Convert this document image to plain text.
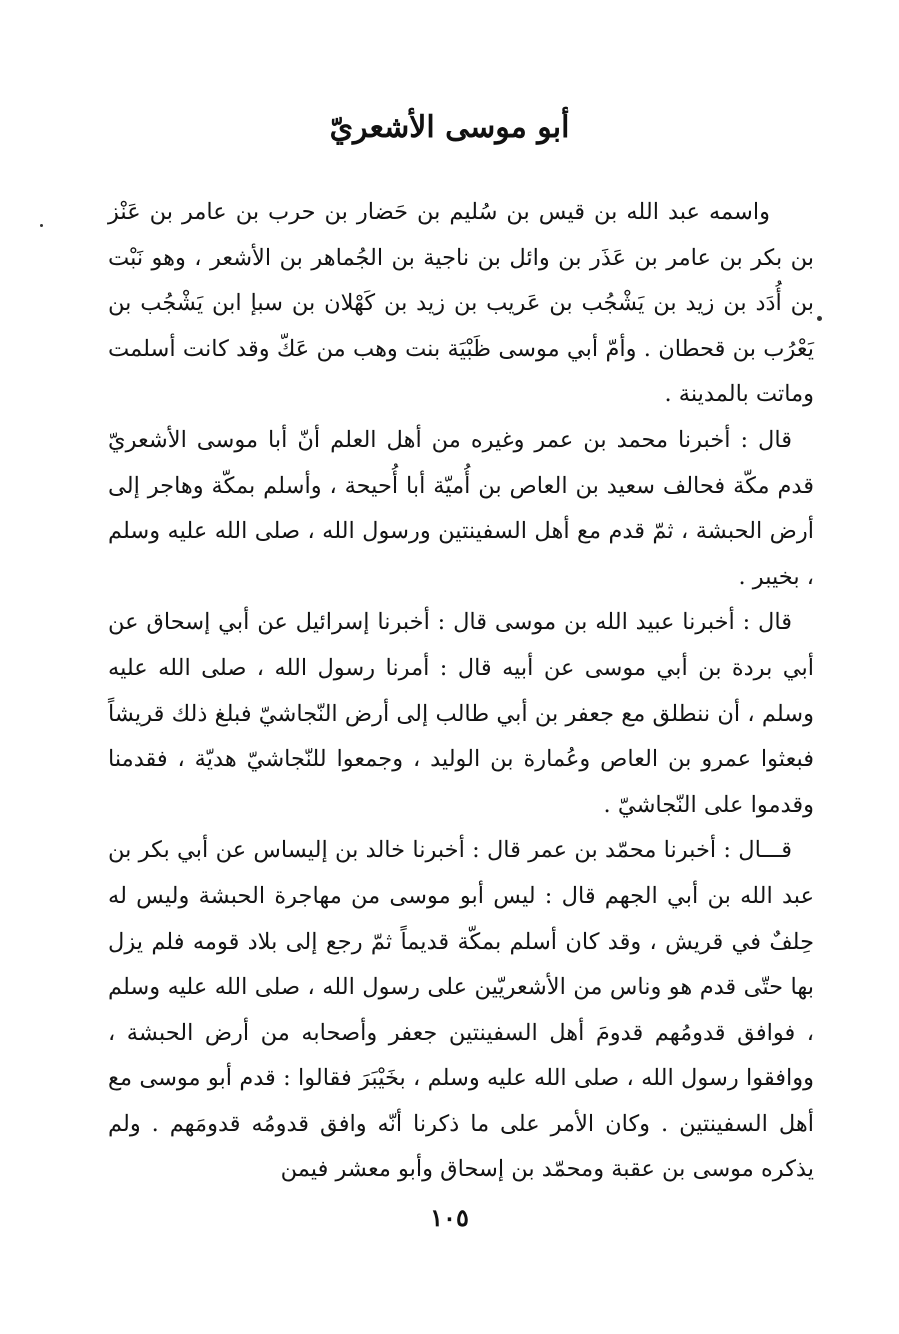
أبو موسى الأشعريّ

واسمه عبد الله بن قيس بن سُليم بن حَضار بن حرب بن عامر بن عَنْز بن بكر بن عامر بن عَذَر بن وائل بن ناجية بن الجُماهر بن الأشعر ، وهو نَبْت بن أُدَد بن زيد بن يَشْجُب بن عَريب بن زيد بن كَهْلان بن سبإ ابن يَشْجُب بن يَعْرُب بن قحطان . وأمّ أبي موسى ظَبْيَة بنت وهب من عَكّ وقد كانت أسلمت وماتت بالمدينة .

قال : أخبرنا محمد بن عمر وغيره من أهل العلم أنّ أبا موسى الأشعريّ قدم مكّة فحالف سعيد بن العاص بن أُميّة أبا أُحيحة ، وأسلم بمكّة وهاجر إلى أرض الحبشة ، ثمّ قدم مع أهل السفينتين ورسول الله ، صلى الله عليه وسلم ، بخيبر .

قال : أخبرنا عبيد الله بن موسى قال : أخبرنا إسرائيل عن أبي إسحاق عن أبي بردة بن أبي موسى عن أبيه قال : أمرنا رسول الله ، صلى الله عليه وسلم ، أن ننطلق مع جعفر بن أبي طالب إلى أرض النّجاشيّ فبلغ ذلك قريشاً فبعثوا عمرو بن العاص وعُمارة بن الوليد ، وجمعوا للنّجاشيّ هديّة ، فقدمنا وقدموا على النّجاشيّ .

قـــال : أخبرنا محمّد بن عمر قال : أخبرنا خالد بن إليساس عن أبي بكر بن عبد الله بن أبي الجهم قال : ليس أبو موسى من مهاجرة الحبشة وليس له حِلفٌ في قريش ، وقد كان أسلم بمكّة قديماً ثمّ رجع إلى بلاد قومه فلم يزل بها حتّى قدم هو وناس من الأشعريّين على رسول الله ، صلى الله عليه وسلم ، فوافق قدومُهم قدومَ أهل السفينتين جعفر وأصحابه من أرض الحبشة ، ووافقوا رسول الله ، صلى الله عليه وسلم ، بخَيْبَرَ فقالوا : قدم أبو موسى مع أهل السفينتين . وكان الأمر على ما ذكرنا أنّه وافق قدومُه قدومَهم . ولم يذكره موسى بن عقبة ومحمّد بن إسحاق وأبو معشر فيمن

١٠٥
